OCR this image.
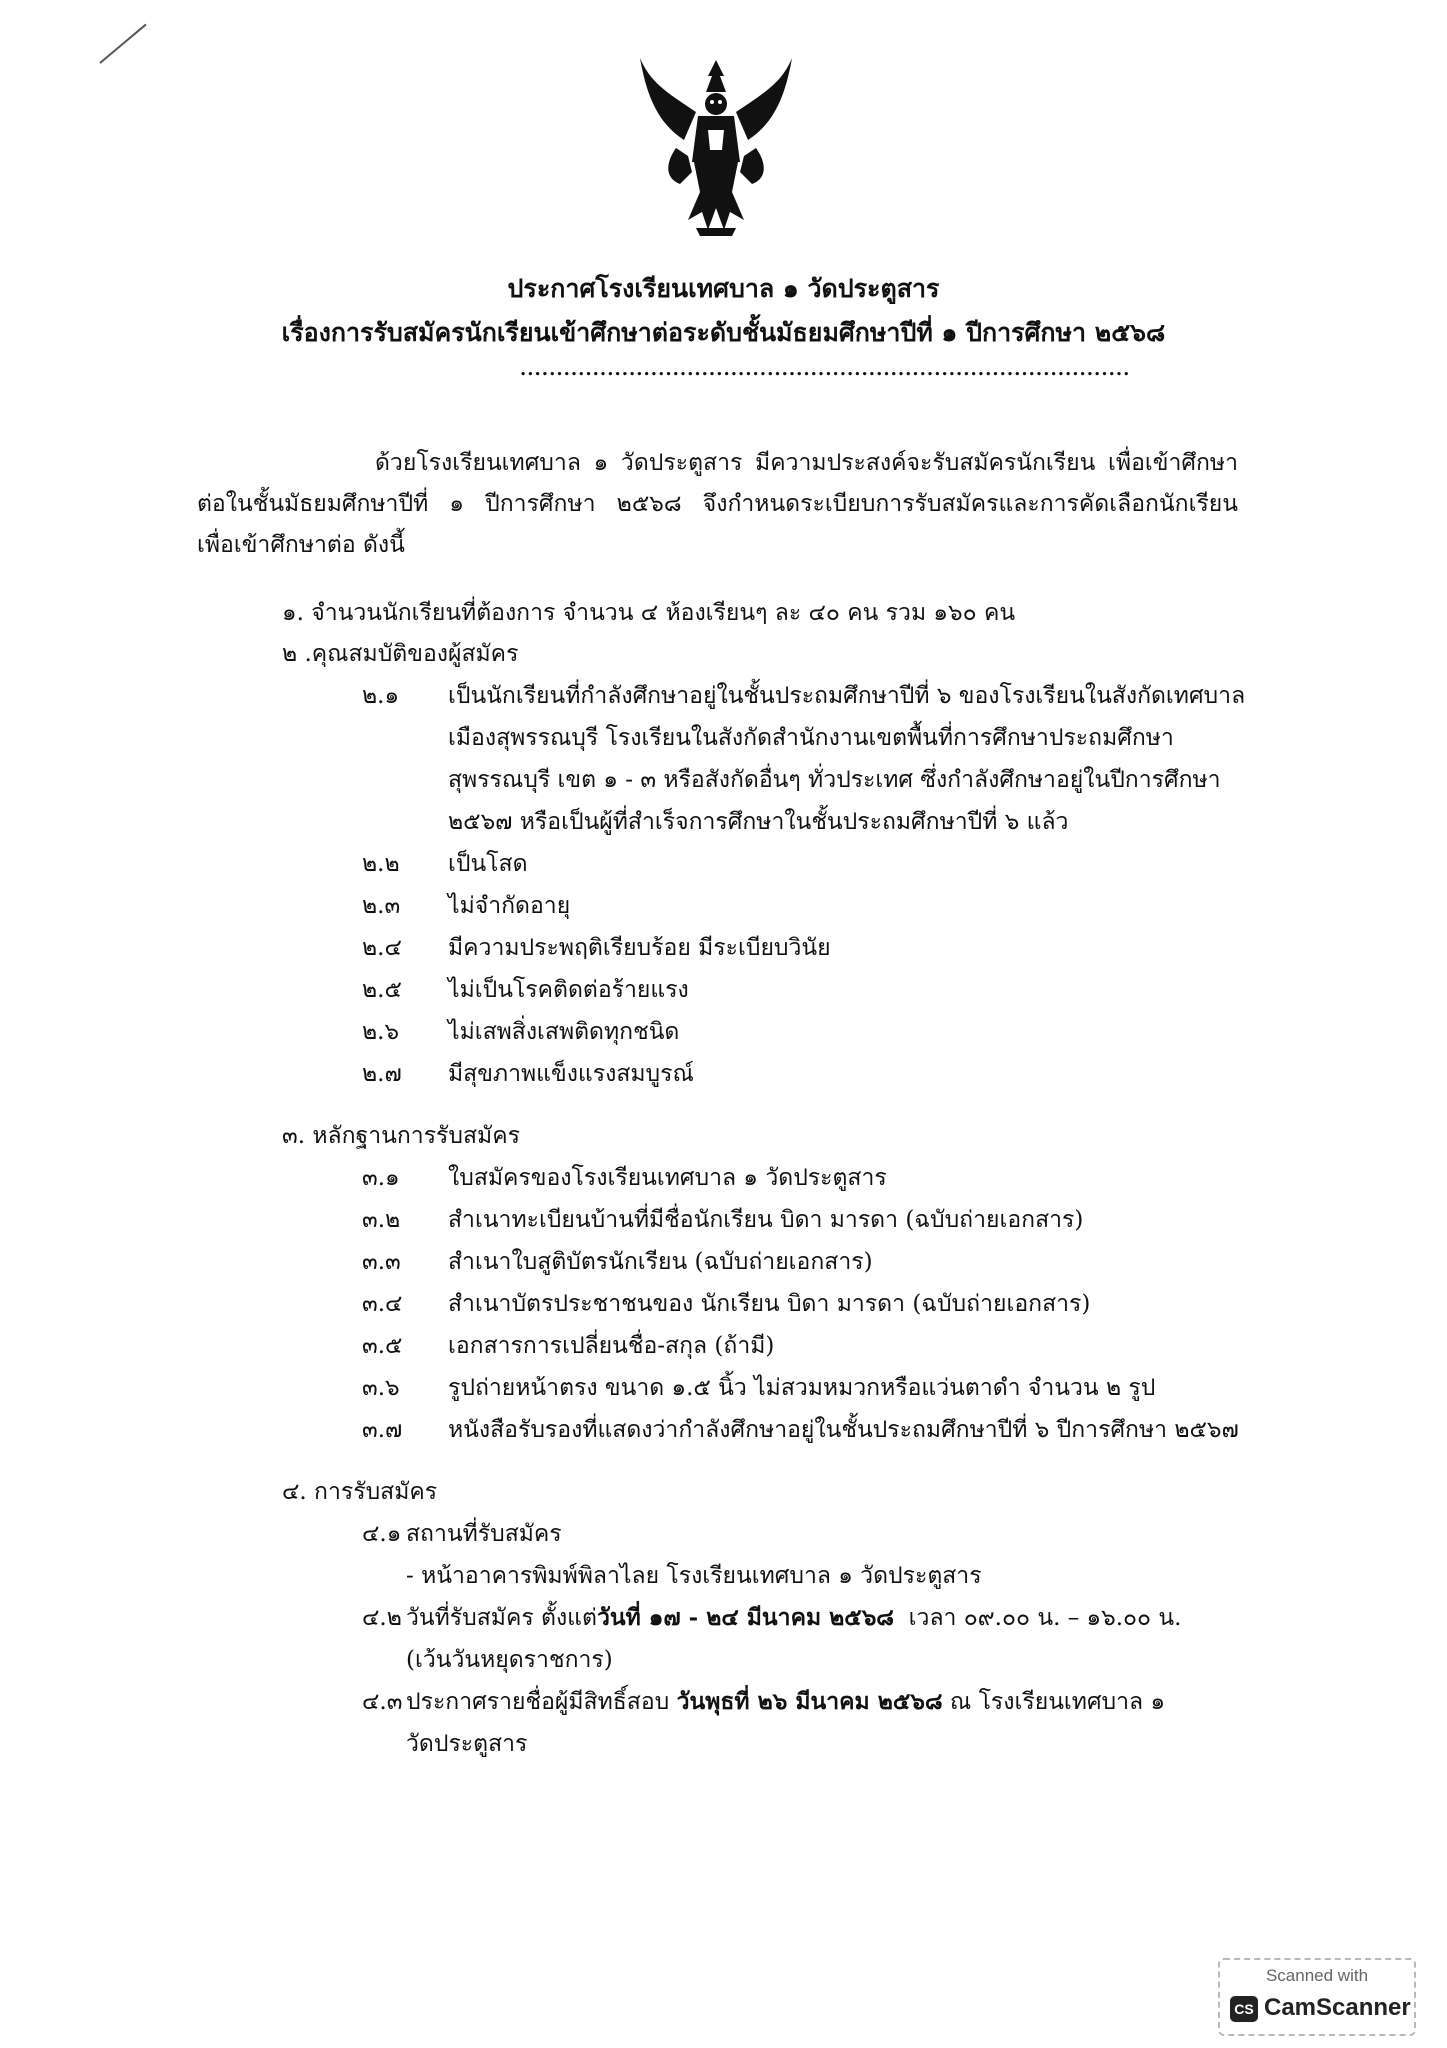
ประกาศโรงเรียนเทศบาล ๑ วัดประตูสาร
เรื่องการรับสมัครนักเรียนเข้าศึกษาต่อระดับชั้นมัธยมศึกษาปีที่ ๑ ปีการศึกษา ๒๕๖๘
....................................................................................
ด้วยโรงเรียนเทศบาล ๑ วัดประตูสาร มีความประสงค์จะรับสมัครนักเรียน เพื่อเข้าศึกษา
ต่อในชั้นมัธยมศึกษาปีที่ ๑ ปีการศึกษา ๒๕๖๘ จึงกำหนดระเบียบการรับสมัครและการคัดเลือกนักเรียน
เพื่อเข้าศึกษาต่อ ดังนี้
๑. จำนวนนักเรียนที่ต้องการ จำนวน ๔ ห้องเรียนๆ ละ ๔๐ คน รวม ๑๖๐ คน
๒ .คุณสมบัติของผู้สมัคร
๒.๑	เป็นนักเรียนที่กำลังศึกษาอยู่ในชั้นประถมศึกษาปีที่ ๖ ของโรงเรียนในสังกัดเทศบาล
เมืองสุพรรณบุรี โรงเรียนในสังกัดสำนักงานเขตพื้นที่การศึกษาประถมศึกษา
สุพรรณบุรี เขต ๑ - ๓ หรือสังกัดอื่นๆ ทั่วประเทศ ซึ่งกำลังศึกษาอยู่ในปีการศึกษา
๒๕๖๗ หรือเป็นผู้ที่สำเร็จการศึกษาในชั้นประถมศึกษาปีที่ ๖ แล้ว
๒.๒ เป็นโสด
๒.๓ ไม่จำกัดอายุ
๒.๔ มีความประพฤติเรียบร้อย มีระเบียบวินัย
๒.๕ ไม่เป็นโรคติดต่อร้ายแรง
๒.๖ ไม่เสพสิ่งเสพติดทุกชนิด
๒.๗ มีสุขภาพแข็งแรงสมบูรณ์
๓. หลักฐานการรับสมัคร
๓.๑ ใบสมัครของโรงเรียนเทศบาล ๑ วัดประตูสาร
๓.๒ สำเนาทะเบียนบ้านที่มีชื่อนักเรียน บิดา มารดา (ฉบับถ่ายเอกสาร)
๓.๓ สำเนาใบสูติบัตรนักเรียน (ฉบับถ่ายเอกสาร)
๓.๔ สำเนาบัตรประชาชนของ นักเรียน บิดา มารดา (ฉบับถ่ายเอกสาร)
๓.๕ เอกสารการเปลี่ยนชื่อ-สกุล (ถ้ามี)
๓.๖ รูปถ่ายหน้าตรง ขนาด ๑.๕ นิ้ว ไม่สวมหมวกหรือแว่นตาดำ จำนวน ๒ รูป
๓.๗ หนังสือรับรองที่แสดงว่ากำลังศึกษาอยู่ในชั้นประถมศึกษาปีที่ ๖ ปีการศึกษา ๒๕๖๗
๔. การรับสมัคร
๔.๑ สถานที่รับสมัคร
- หน้าอาคารพิมพ์พิลาไลย โรงเรียนเทศบาล ๑ วัดประตูสาร
๔.๒ วันที่รับสมัคร ตั้งแต่วันที่ ๑๗ - ๒๔ มีนาคม ๒๕๖๘ เวลา ๐๙.๐๐ น. – ๑๖.๐๐ น.
(เว้นวันหยุดราชการ)
๔.๓ ประกาศรายชื่อผู้มีสิทธิ์สอบ วันพุธที่ ๒๖ มีนาคม ๒๕๖๘ ณ โรงเรียนเทศบาล ๑
วัดประตูสาร
Scanned with
CS CamScanner
